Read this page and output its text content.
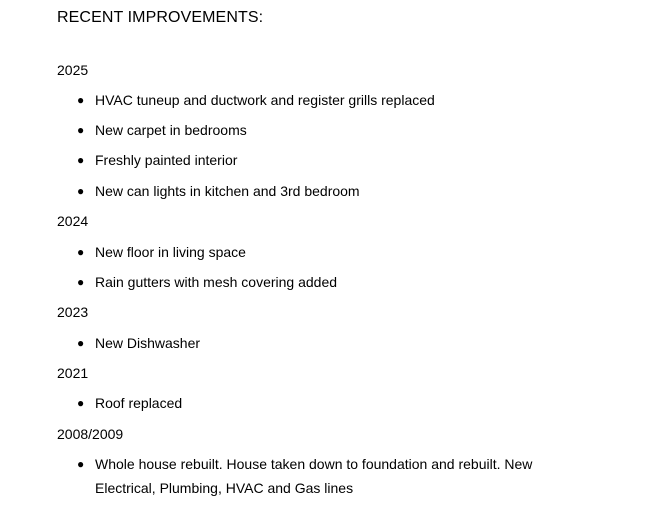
RECENT IMPROVEMENTS:
2025
● HVAC tuneup and ductwork and register grills replaced
● New carpet in bedrooms
● Freshly painted interior
● New can lights in kitchen and 3rd bedroom
2024
● New floor in living space
● Rain gutters with mesh covering added
2023
● New Dishwasher
2021
● Roof replaced
2008/2009
● Whole house rebuilt. House taken down to foundation and rebuilt. New Electrical, Plumbing, HVAC and Gas lines
